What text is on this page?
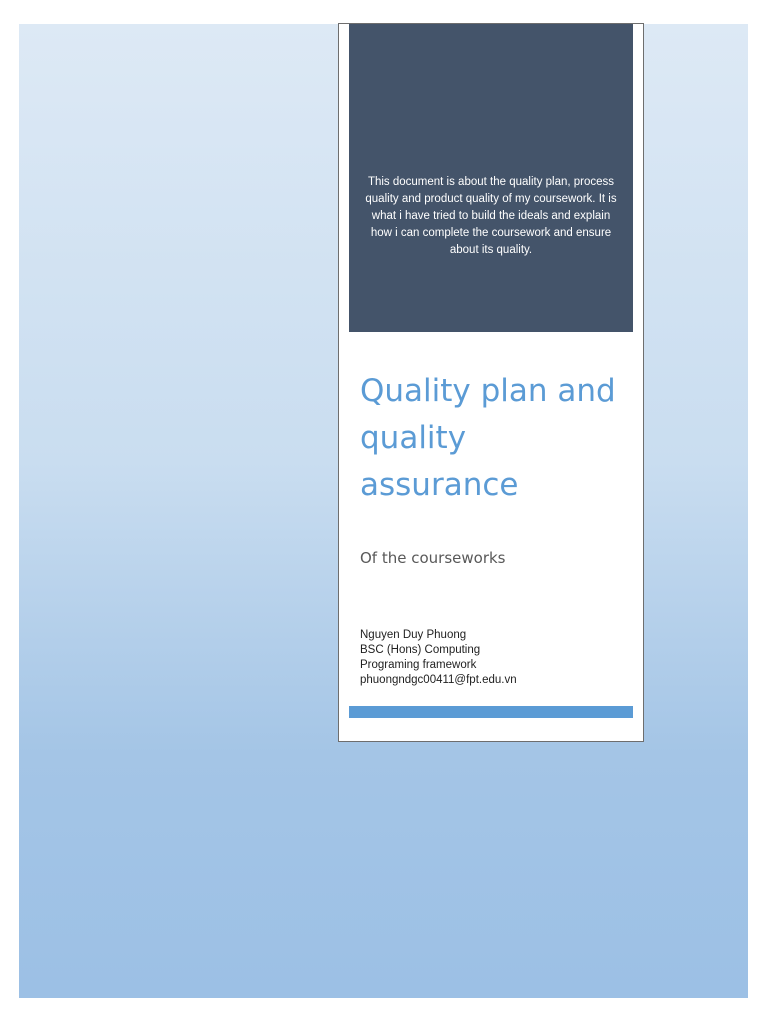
This document is about the quality plan, process quality and product quality of my coursework. It is what i have tried to build the ideals and explain how i can complete the coursework and ensure about its quality.
Quality plan and quality assurance
Of the courseworks
Nguyen Duy Phuong
BSC (Hons) Computing
Programing framework
phuongndgc00411@fpt.edu.vn
